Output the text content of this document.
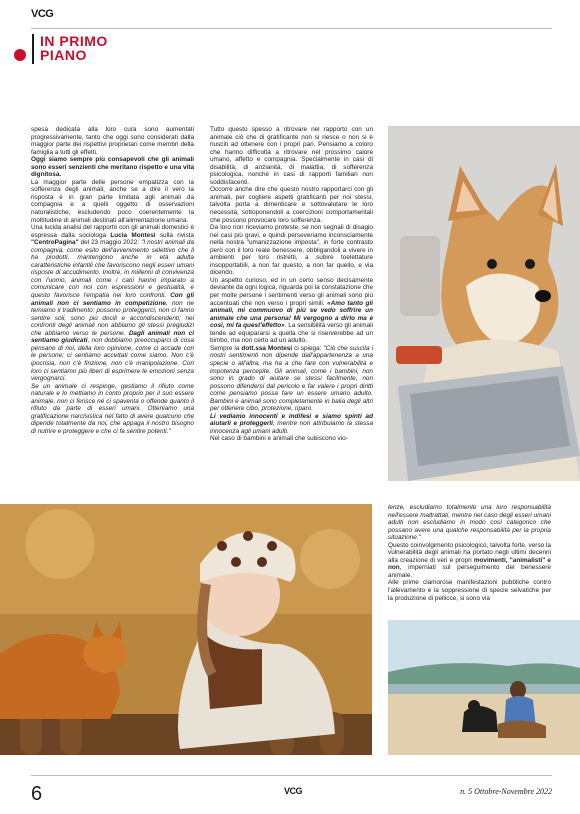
VCG
IN PRIMO
PIANO

spesa dedicata alla loro cura sono aumentati progressivamente, tanto che oggi sono considerati dalla maggior parte dei rispettivi proprietari come membri della famiglia a tutti gli effetti.

Oggi siamo sempre più consapevoli che gli animali sono esseri senzienti che meritano rispetto e una vita dignitosa.

La maggior parte delle persone empatizza con la sofferenza degli animali, anche se a dire il vero la risposta è in gran parte limitata agli animali da compagnia e a quelli oggetto di osservazioni naturalistiche, escludendo poco coerentemente la moltitudine di animali destinati all'alimentazione umana.

Una lucida analisi del rapporto con gli animali domestici è espressa dalla sociologa Lucia Montesi sulla rivista "CentroPagina" del 23 maggio 2022: "I nostri animali da compagnia, come esito dell'avvenimento selettivo che li ha prodotti, mantengono anche in età adulta caratteristiche infantili che favoriscono negli esseri umani risposte di accudimento. Inoltre, in millenni di convivenza con l'uomo, animali come i cani hanno imparato a comunicare con noi con espressioni e gestualità, e questo favorisce l'empatia nei loro confronti. Con gli animali non ci sentiamo in competizione, non ne temiamo il tradimento; possono proteggerci, non ci fanno sentire soli, sono più docili e accondiscendenti; nei confronti degli animali non abbiamo gli stessi pregiudizi che abbiamo verso le persone. Dagli animali non ci sentiamo giudicati, non dobbiamo preoccuparci di cosa pensano di noi, della loro opinione, come ci accade con le persone; ci sentiamo accettati come siamo. Non c'è ipocrisia, non c'è finzione, non c'è manipolazione. Con loro ci sentiamo più liberi di esprimere le emozioni senza vergognarci.

Se un animale ci respinge, gestiamo il rifiuto come naturale e lo mettiamo in conto proprio per il suo essere animale, non ci ferisce né ci spaventa o offende quanto il rifiuto da parte di esseri umani. Otteniamo una gratificazione narcisistica nel fatto di avere qualcuno che dipende totalmente da noi, che appaga il nostro bisogno di nutrire e proteggere e che ci fa sentire potenti."

Tutto questo spesso a ritrovare nel rapporto con un animale ciò che di gratificante non si riesce o non si è riusciti ad ottenere con i propri pari. Pensiamo a coloro che hanno difficoltà a ritrovare nel prossimo calore umano, affetto e compagnia. Specialmente in casi di disabilità, di anzianità, di malattia, di sofferenza psicologica, nonché in casi di rapporti familiari non soddisfacenti.

Occorre anche dire che questo nostro rapportarci con gli animali, per cogliere aspetti gratificanti per noi stessi, talvolta porta a dimenticare e sottovalutare le loro necessità, sottoponendoli a coercizioni comportamentali che possono provocare loro sofferenza.

Da loro non riceviamo proteste, se non segnali di disagio nei casi più gravi, e quindi perseveriamo inconsciamente nella nostra "umanizzazione imposta", in forte contrasto però con il loro reale benessere, obbligandoli a vivere in ambienti per loro ristretti, a subire toelettature insopportabili, a non far questo, a non far quello, e via dicendo.

Un aspetto curioso, ed in un certo senso decisamente deviante da ogni logica, riguarda poi la constatazione che per molte persone i sentimenti verso gli animali sono più accentuati che non verso i propri simili. «Amo tanto gli animali, mi commuovo di più se vedo soffrire un animale che una persona! Mi vergogno a dirlo ma è così, mi fa quest'effetto». La sensibilità verso gli animali tende ad equipararsi a quella che si riserverebbe ad un bimbo, ma non certo ad un adulto.

Sempre la dott.ssa Montesi ci spiega: "Ciò che suscita i nostri sentimenti non dipende dall'appartenenza a una specie o all'altra, ma ha a che fare con vulnerabilità e impotenza percepite. Gli animali, come i bambini, non sono in grado di aiutare se stessi facilmente, non possono difendersi dal pericolo e far valere i propri diritti come pensiamo possa fare un essere umano adulto. Bambini e animali sono completamente in balia degli altri per ottenere cibo, protezione, riparo.

Li vediamo innocenti e indifesi e siamo spinti ad aiutarli e proteggerli, mentre non attribuiamo la stessa innocenza agli umani adulti.

Nel caso di bambini e animali che subiscono vio-

lenze, escludiamo totalmente una loro responsabilità nell'essere maltrattati, mentre nel caso degli esseri umani adulti non escludiamo in modo così categorico che possano avere una qualche responsabilità per la propria situazione."

Questo coinvolgimento psicologico, talvolta forte, verso la vulnerabilità degli animali ha portato negli ultimi decenni alla creazione di veri e propri movimenti, "animalisti" e non, imperniati sul perseguimento del benessere animale.

Alle prime clamorose manifestazioni pubbliche contro l'allevamento e la soppressione di specie selvatiche per la produzione di pellicce, si sono via

6	VCG	n. 5 Ottobre-Novembre 2022
